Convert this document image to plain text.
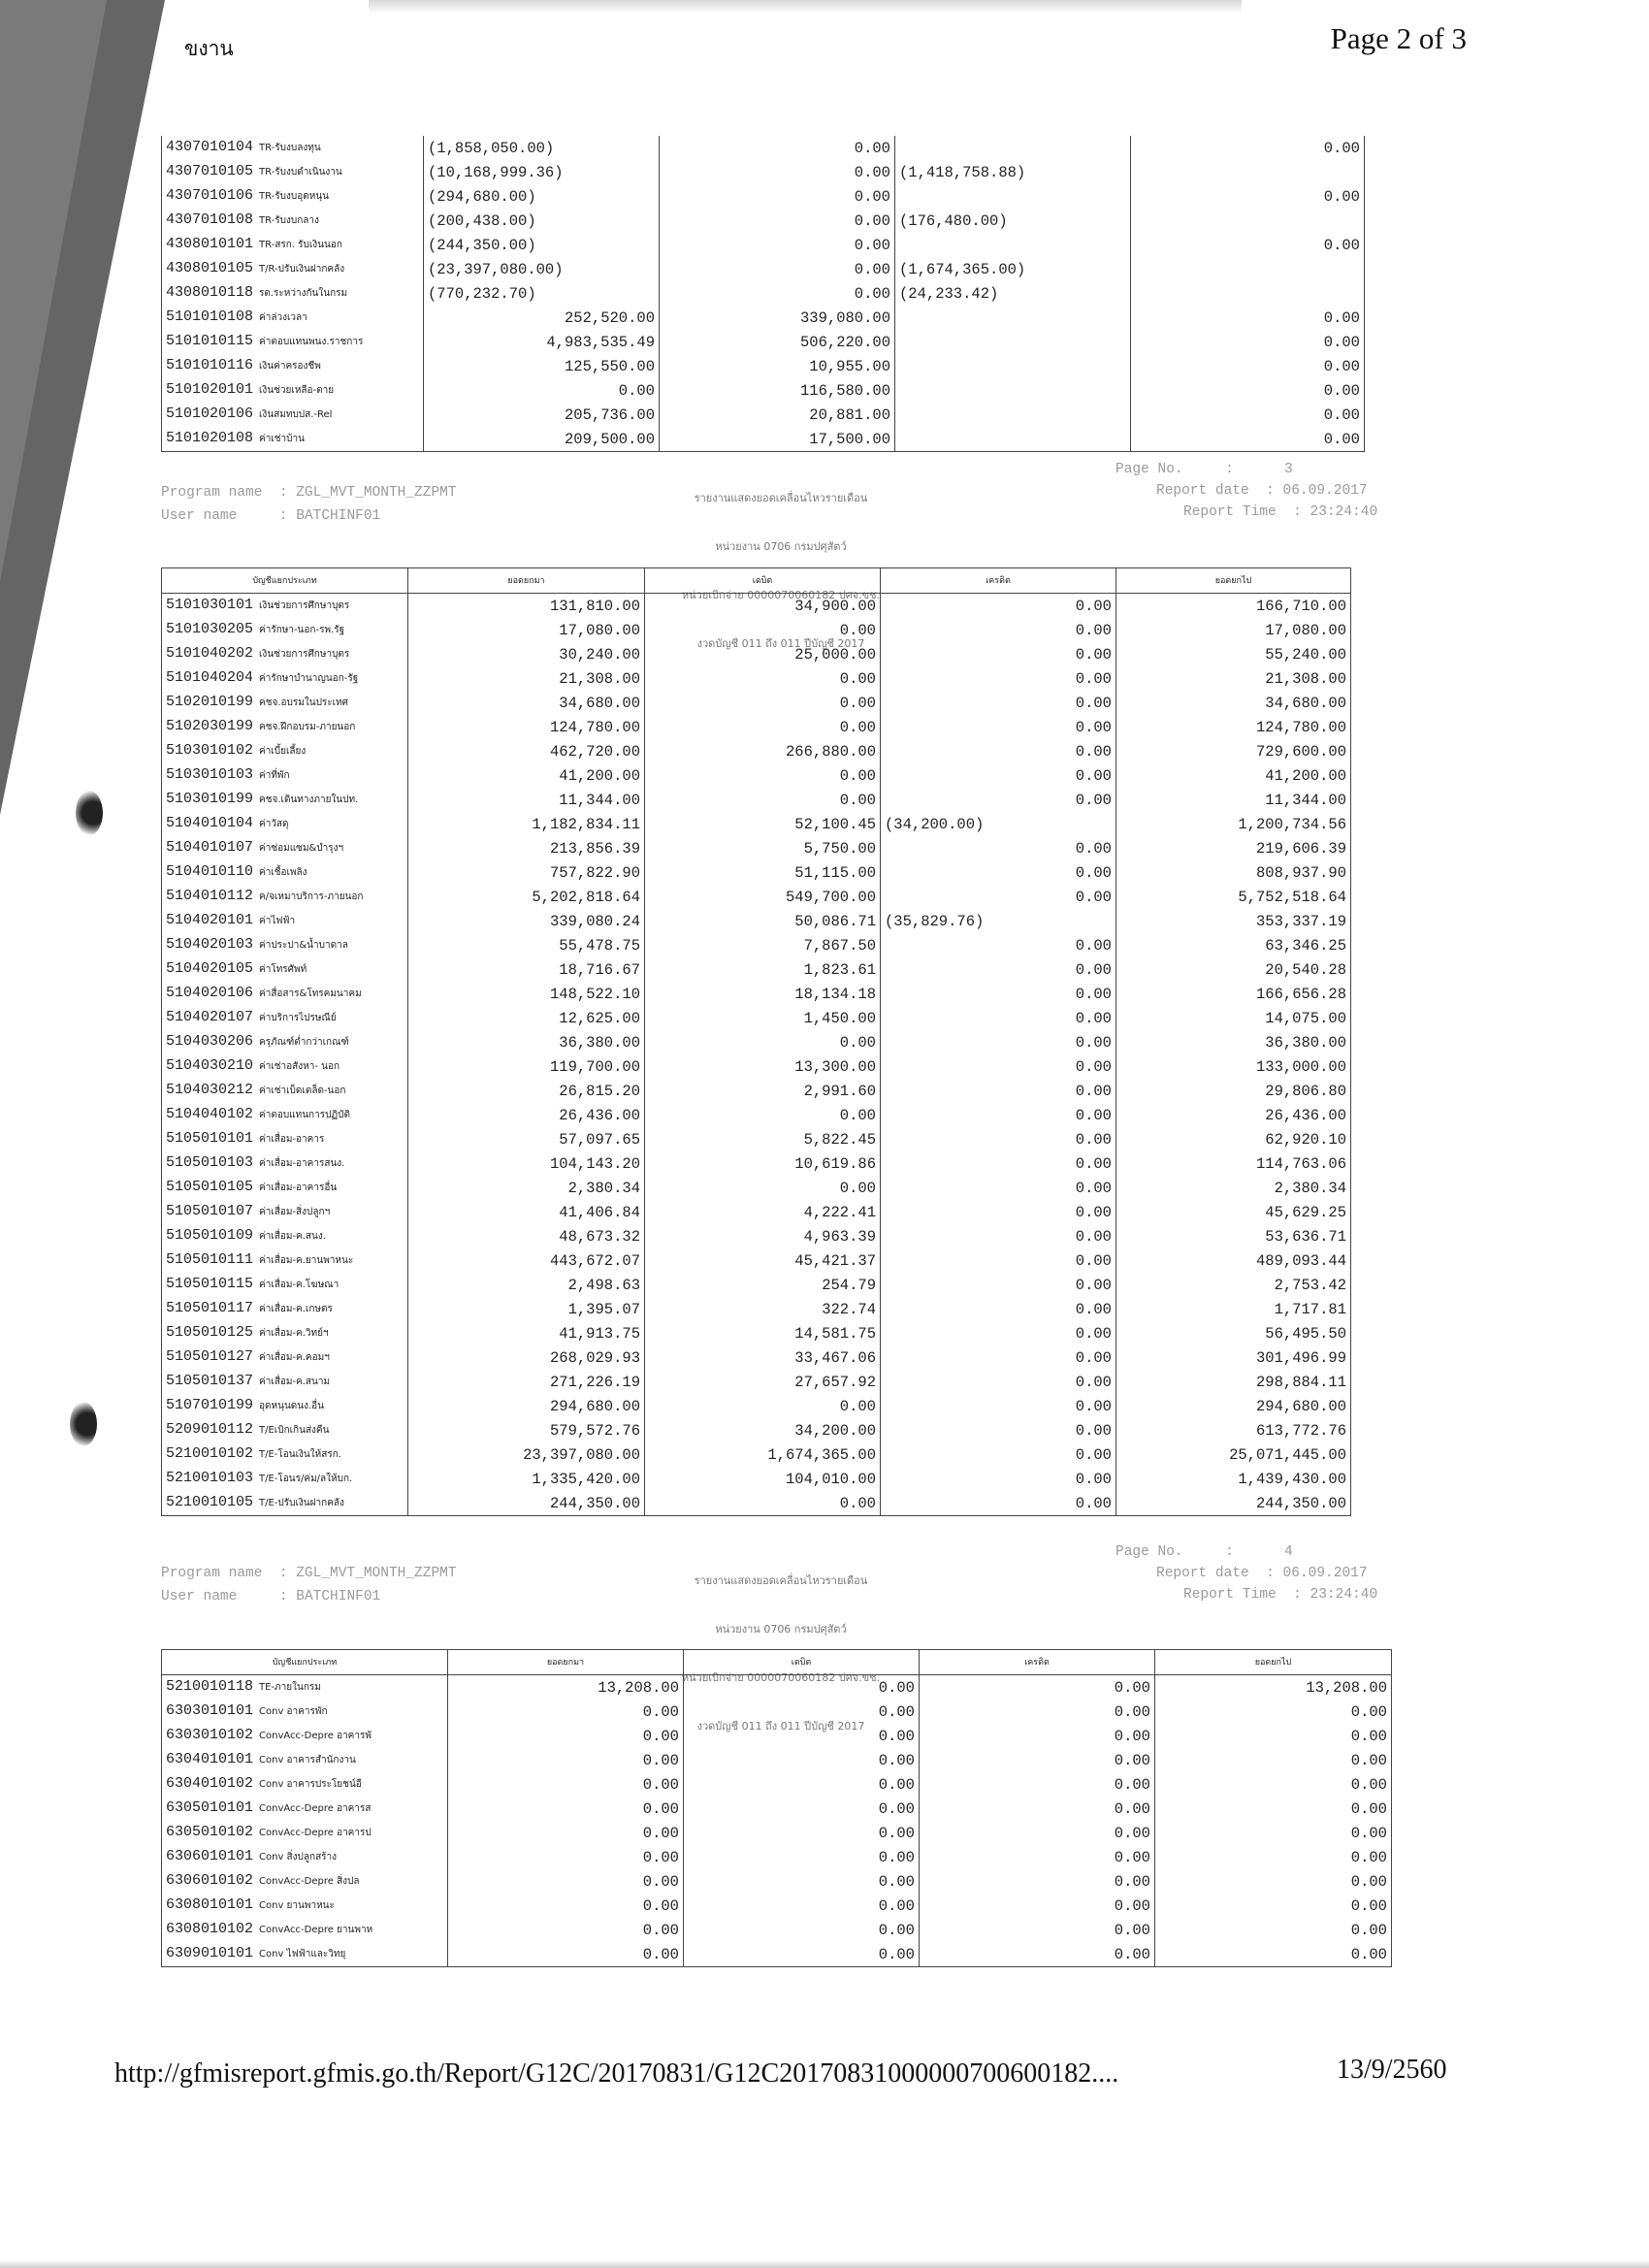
ขงาน	Page 2 of 3
4307010104 TR-รับงบลงทุน	(1,858,050.00)	0.00		0.00	
4307010105 TR-รับงบดำเนินงาน	(10,168,999.36)	0.00	(1,418,758.88)		
4307010106 TR-รับงบอุดหนุน	(294,680.00)	0.00		0.00	
4307010108 TR-รับงบกลาง	(200,438.00)	0.00	(176,480.00)		
4308010101 TR-สรก. รับเงินนอก	(244,350.00)	0.00		0.00	
4308010105 T/R-ปรับเงินฝากคลัง	(23,397,080.00)	0.00	(1,674,365.00)		
4308010118 รด.ระหว่างกันในกรม	(770,232.70)	0.00	(24,233.42)		
5101010108 ค่าล่วงเวลา	252,520.00	339,080.00		0.00	
5101010115 ค่าตอบแทนพนง.ราชการ	4,983,535.49	506,220.00		0.00	
5101010116 เงินค่าครองชีพ	125,550.00	10,955.00		0.00	
5101020101 เงินช่วยเหลือ-ตาย	0.00	116,580.00		0.00	
5101020106 เงินสมทบปส.-Rel	205,736.00	20,881.00		0.00	
5101020108 ค่าเช่าบ้าน	209,500.00	17,500.00		0.00	
Program name : ZGL_MVT_MONTH_ZZPMT
User name	: BATCHINF01

รายงานแสดงยอดเคลื่อนไหวรายเดือน

หน่วยงาน 0706 กรมปศุสัตว์

หน่วยเบิกจ่าย 0000070060182 ปศจ.ขช.

งวดบัญชี 011 ถึง 011 ปีบัญชี 2017

Page No.	:      3
Report date : 06.09.2017
Report Time : 23:24:40
บัญชีแยกประเภท	ยอดยกมา	เดบิต	เครดิต	ยอดยกไป
5101030101 เงินช่วยการศึกษาบุตร	131,810.00	34,900.00	0.00	166,710.00
5101030205 ค่ารักษา-นอก-รพ.รัฐ	17,080.00	0.00	0.00	17,080.00
5101040202 เงินช่วยการศึกษาบุตร	30,240.00	25,000.00	0.00	55,240.00
5101040204 ค่ารักษาบำนาญนอก-รัฐ	21,308.00	0.00	0.00	21,308.00
5102010199 คชจ.อบรมในประเทศ	34,680.00	0.00	0.00	34,680.00
5102030199 คชจ.ฝึกอบรม-ภายนอก	124,780.00	0.00	0.00	124,780.00
5103010102 ค่าเบี้ยเลี้ยง	462,720.00	266,880.00	0.00	729,600.00
5103010103 ค่าที่พัก	41,200.00	0.00	0.00	41,200.00
5103010199 คชจ.เดินทางภายในปท.	11,344.00	0.00	0.00	11,344.00
5104010104 ค่าวัสดุ	1,182,834.11	52,100.45	(34,200.00)	1,200,734.56
5104010107 ค่าซ่อมแซม&บำรุงฯ	213,856.39	5,750.00	0.00	219,606.39
5104010110 ค่าเชื้อเพลิง	757,822.90	51,115.00	0.00	808,937.90
5104010112 ค/จเหมาบริการ-ภายนอก	5,202,818.64	549,700.00	0.00	5,752,518.64
5104020101 ค่าไฟฟ้า	339,080.24	50,086.71	(35,829.76)	353,337.19
5104020103 ค่าประปา&น้ำบาดาล	55,478.75	7,867.50	0.00	63,346.25
5104020105 ค่าโทรศัพท์	18,716.67	1,823.61	0.00	20,540.28
5104020106 ค่าสื่อสาร&โทรคมนาคม	148,522.10	18,134.18	0.00	166,656.28
5104020107 ค่าบริการไปรษณีย์	12,625.00	1,450.00	0.00	14,075.00
5104030206 ครุภัณฑ์ต่ำกว่าเกณฑ์	36,380.00	0.00	0.00	36,380.00
5104030210 ค่าเช่าอสังหา- นอก	119,700.00	13,300.00	0.00	133,000.00
5104030212 ค่าเช่าเบ็ดเตล็ด-นอก	26,815.20	2,991.60	0.00	29,806.80
5104040102 ค่าตอบแทนการปฏิบัติ	26,436.00	0.00	0.00	26,436.00
5105010101 ค่าเสื่อม-อาคาร	57,097.65	5,822.45	0.00	62,920.10
5105010103 ค่าเสื่อม-อาคารสนง.	104,143.20	10,619.86	0.00	114,763.06
5105010105 ค่าเสื่อม-อาคารอื่น	2,380.34	0.00	0.00	2,380.34
5105010107 ค่าเสื่อม-สิ่งปลูกฯ	41,406.84	4,222.41	0.00	45,629.25
5105010109 ค่าเสื่อม-ค.สนง.	48,673.32	4,963.39	0.00	53,636.71
5105010111 ค่าเสื่อม-ค.ยานพาหนะ	443,672.07	45,421.37	0.00	489,093.44
5105010115 ค่าเสื่อม-ค.โฆษณา	2,498.63	254.79	0.00	2,753.42
5105010117 ค่าเสื่อม-ค.เกษตร	1,395.07	322.74	0.00	1,717.81
5105010125 ค่าเสื่อม-ค.วิทย์ฯ	41,913.75	14,581.75	0.00	56,495.50
5105010127 ค่าเสื่อม-ค.คอมฯ	268,029.93	33,467.06	0.00	301,496.99
5105010137 ค่าเสื่อม-ค.สนาม	271,226.19	27,657.92	0.00	298,884.11
5107010199 อุดหนุนดนง.อื่น	294,680.00	0.00	0.00	294,680.00
5209010112 T/Eเบิกเกินส่งคืน	579,572.76	34,200.00	0.00	613,772.76
5210010102 T/E-โอนเงินให้สรก.	23,397,080.00	1,674,365.00	0.00	25,071,445.00
5210010103 T/E-โอนร/ค่ม/ลให้บก.	1,335,420.00	104,010.00	0.00	1,439,430.00
5210010105 T/E-ปรับเงินฝากคลัง	244,350.00	0.00	0.00	244,350.00
Program name : ZGL_MVT_MONTH_ZZPMT
User name	: BATCHINF01

รายงานแสดงยอดเคลื่อนไหวรายเดือน

หน่วยงาน 0706 กรมปศุสัตว์

หน่วยเบิกจ่าย 0000070060182 ปศจ.ขช.

งวดบัญชี 011 ถึง 011 ปีบัญชี 2017

Page No.	:      4
Report date : 06.09.2017
Report Time : 23:24:40
บัญชีแยกประเภท	ยอดยกมา	เดบิต	เครดิต	ยอดยกไป
5210010118 TE-ภายในกรม	13,208.00	0.00	0.00	13,208.00
6303010101 Conv อาคารพัก	0.00	0.00	0.00	0.00
6303010102 ConvAcc-Depre อาคารพั	0.00	0.00	0.00	0.00
6304010101 Conv อาคารสำนักงาน	0.00	0.00	0.00	0.00
6304010102 Conv อาคารประโยชน์อื	0.00	0.00	0.00	0.00
6305010101 ConvAcc-Depre อาคารส	0.00	0.00	0.00	0.00
6305010102 ConvAcc-Depre อาคารป	0.00	0.00	0.00	0.00
6306010101 Conv สิ่งปลูกสร้าง	0.00	0.00	0.00	0.00
6306010102 ConvAcc-Depre สิ่งปล	0.00	0.00	0.00	0.00
6308010101 Conv ยานพาหนะ	0.00	0.00	0.00	0.00
6308010102 ConvAcc-Depre ยานพาห	0.00	0.00	0.00	0.00
6309010101 Conv ไฟฟ้าและวิทยุ	0.00	0.00	0.00	0.00
http://gfmisreport.gfmis.go.th/Report/G12C/20170831/G12C20170831000000700600182....	13/9/2560
